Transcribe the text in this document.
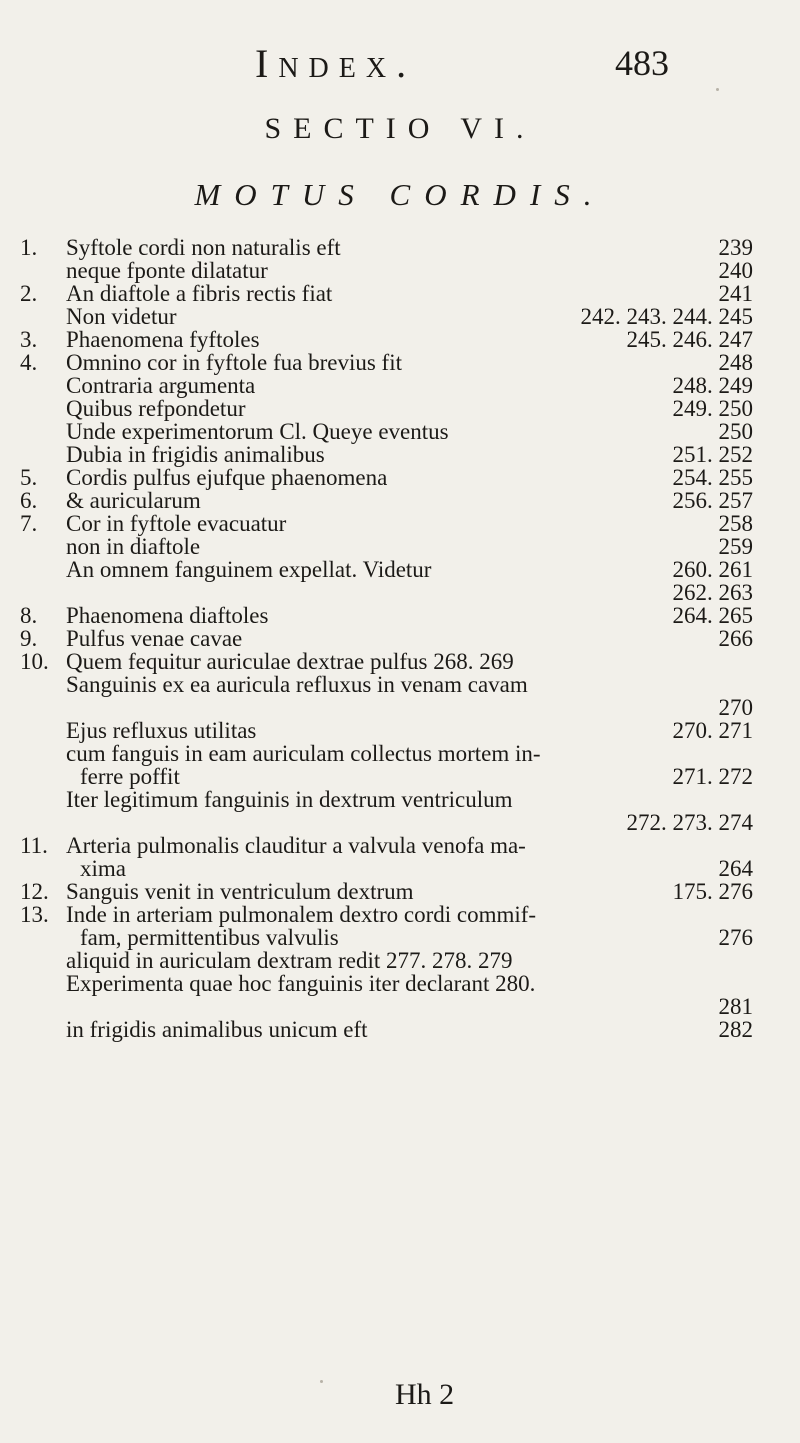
Index.	483
SECTIO VI.
MOTUS CORDIS.
1. Syftole cordi non naturalis eft	239
neque fponte dilatatur	240
2. An diaftole a fibris rectis fiat	241
Non videtur	242. 243. 244. 245
3. Phaenomena fyftoles	245. 246. 247
4. Omnino cor in fyftole fua brevius fit	248
Contraria argumenta	248. 249
Quibus refpondetur	249. 250
Unde experimentorum Cl. Queye eventus	250
Dubia in frigidis animalibus	251. 252
5. Cordis pulfus ejufque phaenomena	254. 255
6. & auricularum	256. 257
7. Cor in fyftole evacuatur	258
non in diaftole	259
An omnem fanguinem expellat. Videtur	260. 261
262. 263
8. Phaenomena diaftoles	264. 265
9. Pulfus venae cavae	266
10. Quem fequitur auriculae dextrae pulfus 268. 269
Sanguinis ex ea auricula refluxus in venam cavam
270
Ejus refluxus utilitas	270. 271
cum fanguis in eam auriculam collectus mortem in-
ferre poffit	271. 272
Iter legitimum fanguinis in dextrum ventriculum
272. 273. 274
11. Arteria pulmonalis clauditur a valvula venofa ma-
xima	264
12. Sanguis venit in ventriculum dextrum	175. 276
13. Inde in arteriam pulmonalem dextro cordi commif-
fam, permittentibus valvulis	276
aliquid in auriculam dextram redit 277. 278. 279
Experimenta quae hoc fanguinis iter declarant 280.
281
in frigidis animalibus unicum eft	282
Hh 2
